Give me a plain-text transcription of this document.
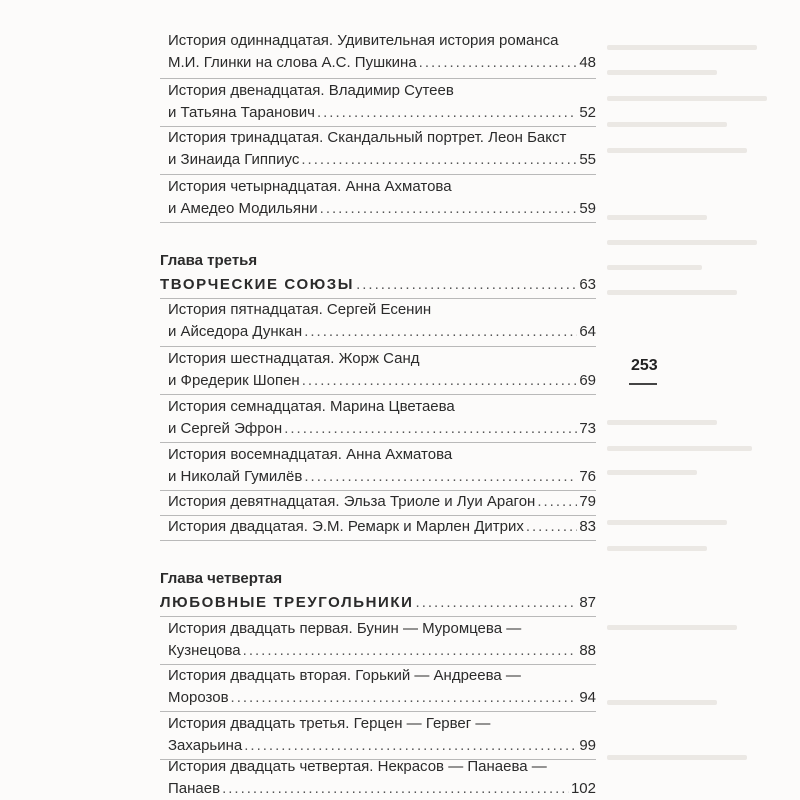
История одиннадцатая. Удивительная история романса
М.И. Глинки на слова А.С. Пушкина .....	48
История двенадцатая. Владимир Сутеев
и Татьяна Таранович .....	52
История тринадцатая. Скандальный портрет. Леон Бакст
и Зинаида Гиппиус .....	55
История четырнадцатая. Анна Ахматова
и Амедео Модильяни .....	59
Глава третья
ТВОРЧЕСКИЕ СОЮЗЫ .....	63
История пятнадцатая. Сергей Есенин
и Айседора Дункан .....	64
История шестнадцатая. Жорж Санд
и Фредерик Шопен .....	69
История семнадцатая. Марина Цветаева
и Сергей Эфрон .....	73
История восемнадцатая. Анна Ахматова
и Николай Гумилёв .....	76
История девятнадцатая. Эльза Триоле и Луи Арагон .....	79
История двадцатая. Э.М. Ремарк и Марлен Дитрих .....	83
Глава четвертая
ЛЮБОВНЫЕ ТРЕУГОЛЬНИКИ .....	87
История двадцать первая. Бунин — Муромцева —
Кузнецова .....	88
История двадцать вторая. Горький — Андреева —
Морозов .....	94
История двадцать третья. Герцен — Гервег —
Захарьина .....	99
История двадцать четвертая. Некрасов — Панаева —
Панаев .....	102
253
